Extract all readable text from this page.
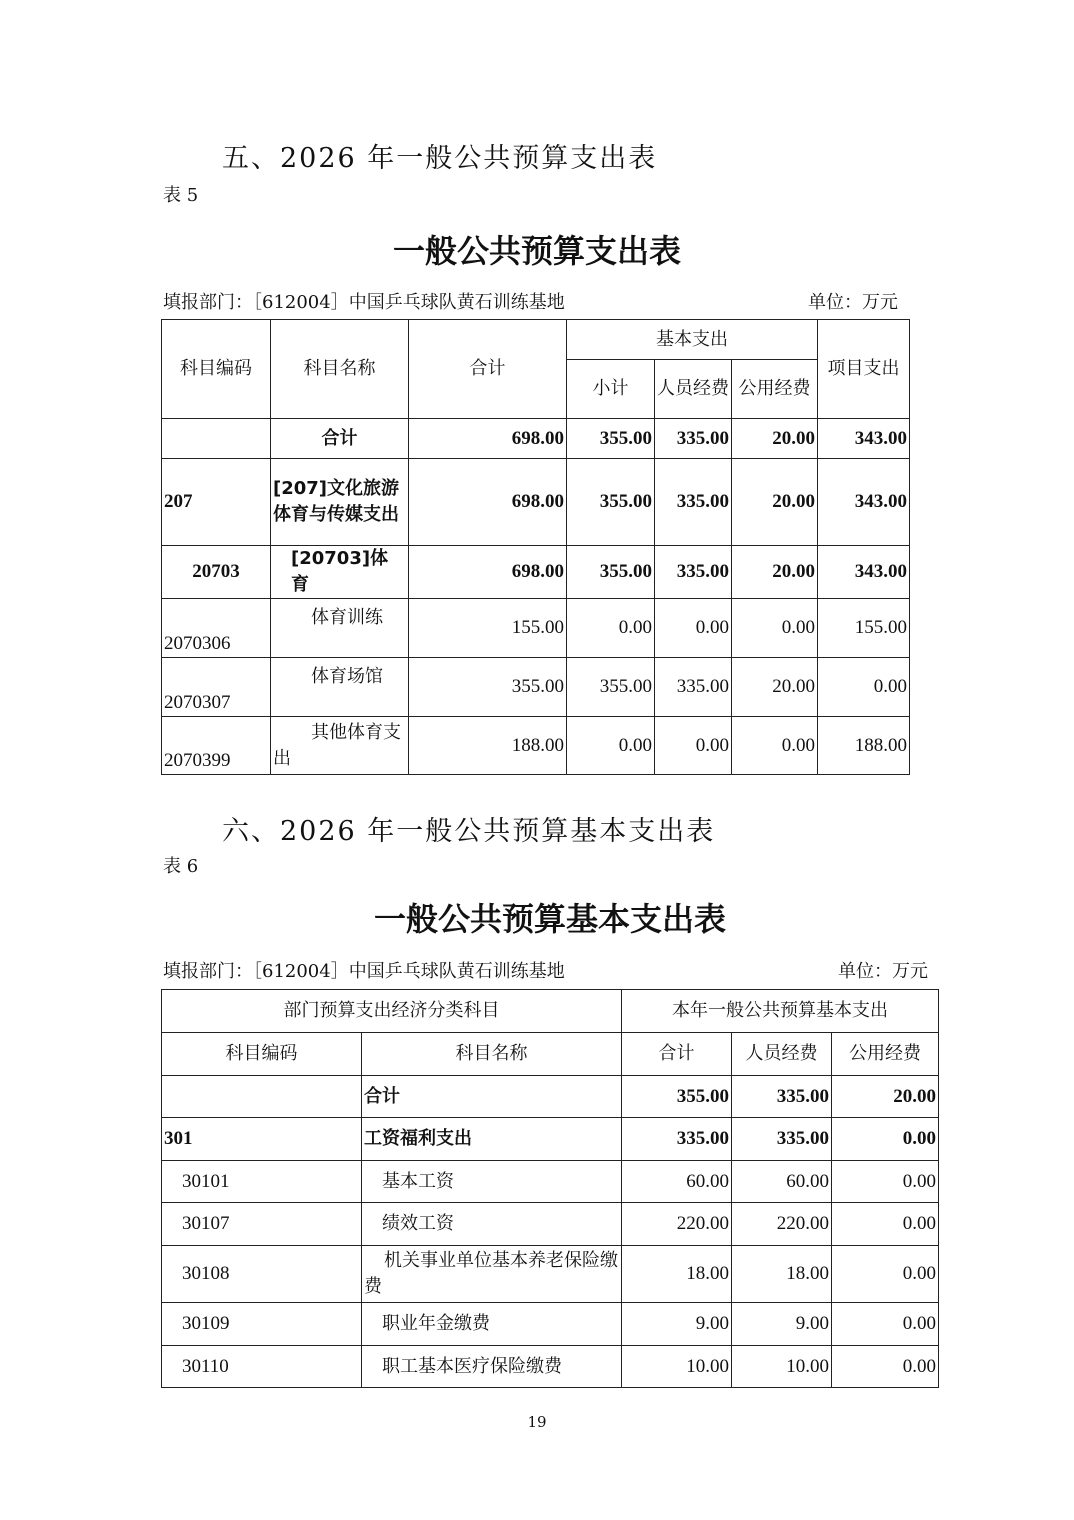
五、2026 年一般公共预算支出表
表 5
一般公共预算支出表
填报部门：［612004］中国乒乓球队黄石训练基地	单位：万元
科目编码	科目名称	合计	基本支出			项目支出
			小计	人员经费	公用经费	
	合计	698.00	355.00	335.00	20.00	343.00
207	[207]文化旅游体育与传媒支出	698.00	355.00	335.00	20.00	343.00
20703	[20703]体育	698.00	355.00	335.00	20.00	343.00
2070306	体育训练	155.00	0.00	0.00	0.00	155.00
2070307	体育场馆	355.00	355.00	335.00	20.00	0.00
2070399	其他体育支出	188.00	0.00	0.00	0.00	188.00
六、2026 年一般公共预算基本支出表
表 6
一般公共预算基本支出表
填报部门：［612004］中国乒乓球队黄石训练基地	单位：万元
部门预算支出经济分类科目		本年一般公共预算基本支出		
科目编码	科目名称	合计	人员经费	公用经费
	合计	355.00	335.00	20.00
301	工资福利支出	335.00	335.00	0.00
30101	基本工资	60.00	60.00	0.00
30107	绩效工资	220.00	220.00	0.00
30108	机关事业单位基本养老保险缴费	18.00	18.00	0.00
30109	职业年金缴费	9.00	9.00	0.00
30110	职工基本医疗保险缴费	10.00	10.00	0.00
19
